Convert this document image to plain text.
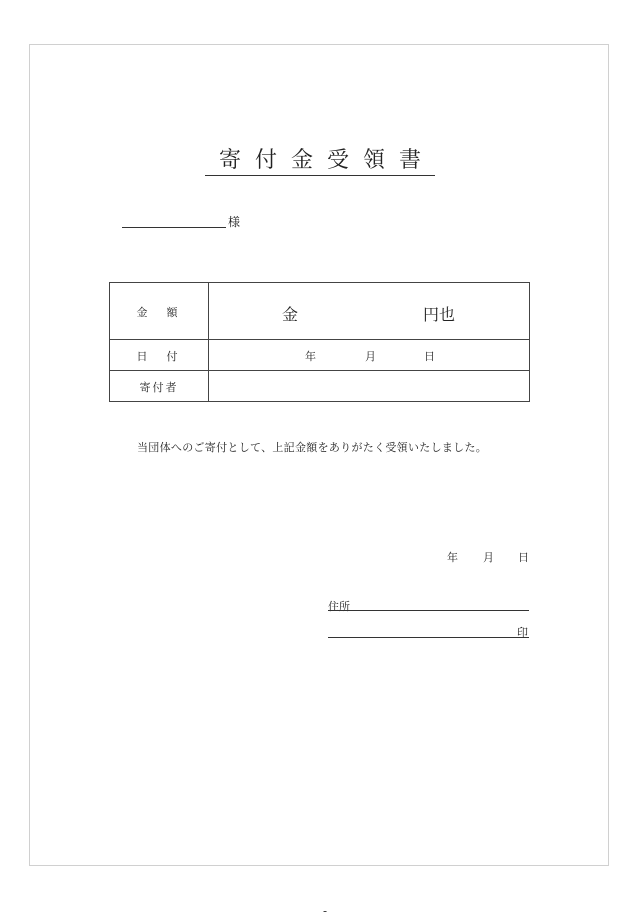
寄付金受領書
様
金　額	金	円也
日　付	年	月	日
寄付者
当団体へのご寄付として、上記金額をありがたく受領いたしました。
年 月 日
住所
印
-
